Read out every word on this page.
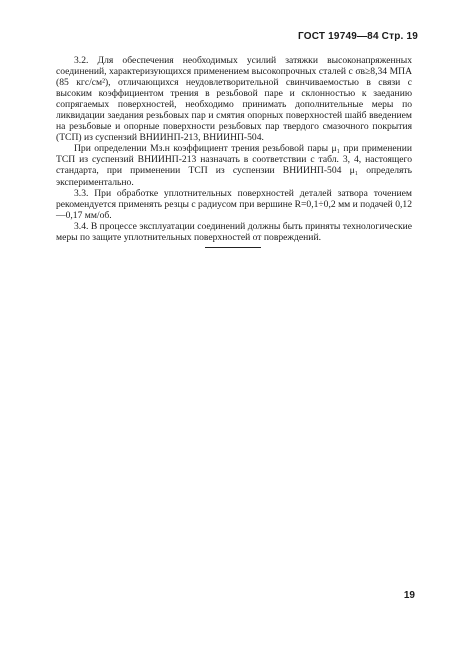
ГОСТ 19749—84 Стр. 19

3.2. Для обеспечения необходимых усилий затяжки высоконапряженных соединений, характеризующихся применением высокопрочных сталей с σв≥8,34 МПА (85 кгс/см²), отличающихся неудовлетворительной свинчиваемостью в связи с высоким коэффициентом трения в резьбовой паре и склонностью к заеданию сопрягаемых поверхностей, необходимо принимать дополнительные меры по ликвидации заедания резьбовых пар и смятия опорных поверхностей шайб введением на резьбовые и опорные поверхности резьбовых пар твердого смазочного покрытия (ТСП) из суспензий ВНИИНП-213, ВНИИНП-504.

При определении Mз.н коэффициент трения резьбовой пары μ₁ при применении ТСП из суспензий ВНИИНП-213 назначать в соответствии с табл. 3, 4, настоящего стандарта, при применении ТСП из суспензии ВНИИНП-504 μ₁ определять экспериментально.

3.3. При обработке уплотнительных поверхностей деталей затвора точением рекомендуется применять резцы с радиусом при вершине R=0,1÷0,2 мм и подачей 0,12—0,17 мм/об.

3.4. В процессе эксплуатации соединений должны быть приняты технологические меры по защите уплотнительных поверхностей от повреждений.

19
